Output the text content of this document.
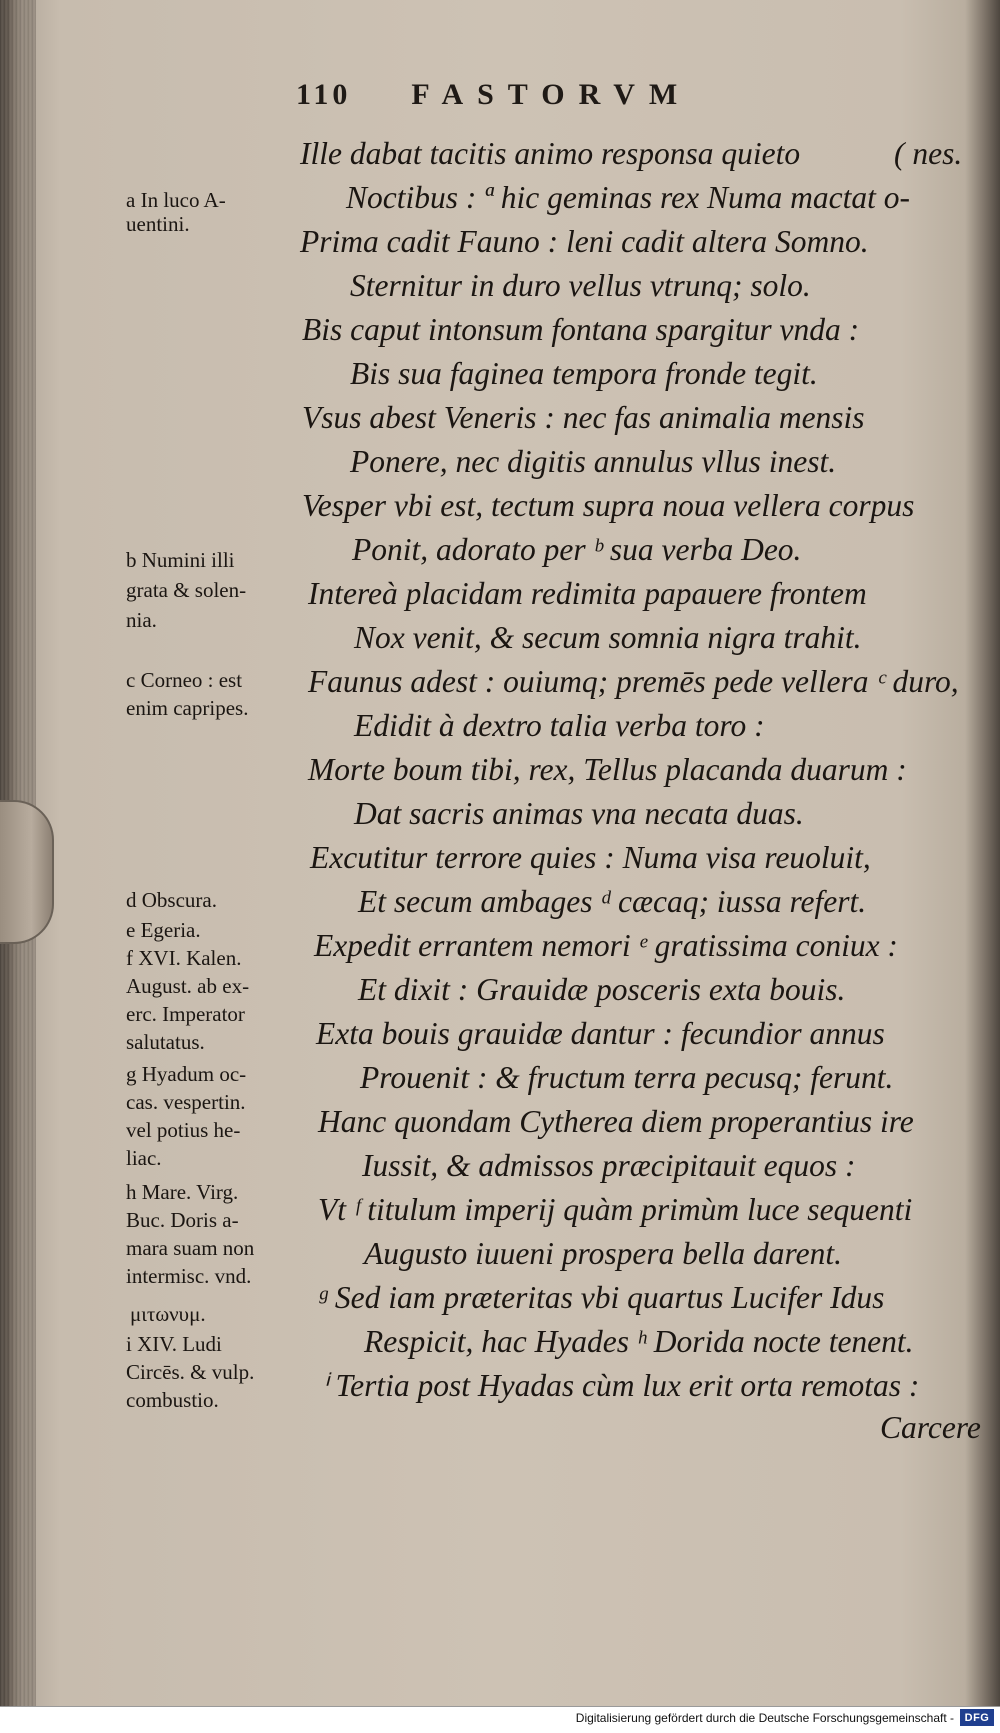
110 FASTORVM
Ille dabat tacitis animo responsa quieto	( nes.
Noctibus : ª hic geminas rex Numa mactat o-
Prima cadit Fauno : leni cadit altera Somno.
Sternitur in duro vellus vtrunq; solo.
Bis caput intonsum fontana spargitur vnda :
Bis sua faginea tempora fronde tegit.
Vsus abest Veneris : nec fas animalia mensis
Ponere, nec digitis annulus vllus inest.
Vesper vbi est, tectum supra noua vellera corpus
Ponit, adorato per ᵇ sua verba Deo.
Intereà placidam redimita papauere frontem
Nox venit, & secum somnia nigra trahit.
Faunus adest : ouiumq; premēs pede vellera ᶜ duro,
Edidit à dextro talia verba toro :
Morte boum tibi, rex, Tellus placanda duarum :
Dat sacris animas vna necata duas.
Excutitur terrore quies : Numa visa reuoluit,
Et secum ambages ᵈ cæcaq; iussa refert.
Expedit errantem nemori ᵉ gratissima coniux :
Et dixit : Grauidæ posceris exta bouis.
Exta bouis grauidæ dantur : fecundior annus
Prouenit : & fructum terra pecusq; ferunt.
Hanc quondam Cytherea diem properantius ire
Iussit, & admissos præcipitauit equos :
Vt ᶠ titulum imperij quàm primùm luce sequenti
Augusto iuueni prospera bella darent.
ᵍ Sed iam præteritas vbi quartus Lucifer Idus
Respicit, hac Hyades ʰ Dorida nocte tenent.
ⁱ Tertia post Hyadas cùm lux erit orta remotas :
Carcere
a In luco A-
uentini.
b Numini illi
grata & solen-
nia.
c Corneo : est
enim capripes.
d Obscura.
e Egeria.
f XVI. Kalen.
August. ab ex-
erc. Imperator
salutatus.
g Hyadum oc-
cas. vespertin.
vel potius he-
liac.
h Mare. Virg.
Buc. Doris a-
mara suam non
intermisc. vnd.
μιτωνυμ.
i XIV. Ludi
Circēs. & vulp.
combustio.
Digitalisierung gefördert durch die Deutsche Forschungsgemeinschaft - DFG
